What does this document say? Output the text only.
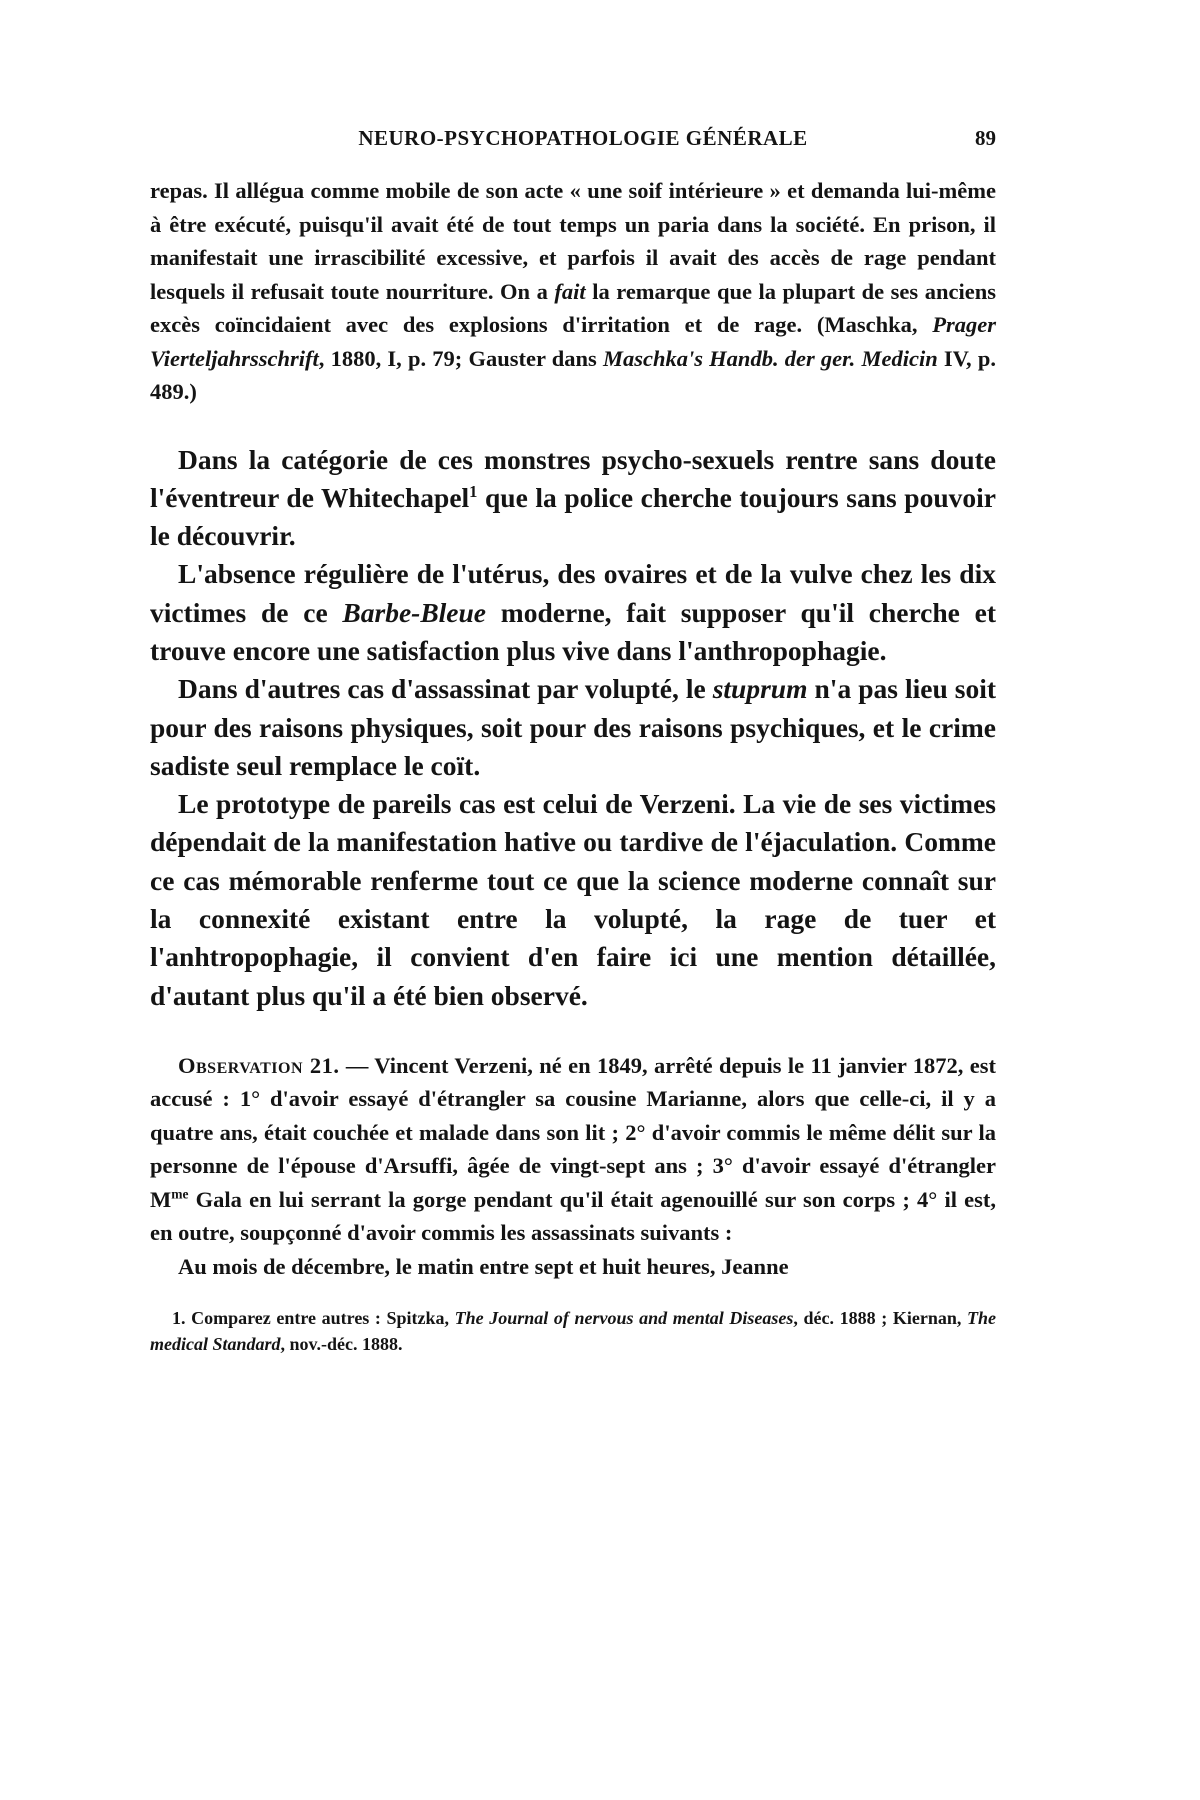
NEURO-PSYCHOPATHOLOGIE GÉNÉRALE	89

repas. Il allégua comme mobile de son acte « une soif intérieure » et demanda lui-même à être exécuté, puisqu'il avait été de tout temps un paria dans la société. En prison, il manifestait une irrascibilité excessive, et parfois il avait des accès de rage pendant lesquels il refusait toute nourriture. On a fait la remarque que la plupart de ses anciens excès coïncidaient avec des explosions d'irritation et de rage. (Maschka, Prager Vierteljahrsschrift, 1880, I, p. 79; Gauster dans Maschka's Handb. der ger. Medicin IV, p. 489.)

Dans la catégorie de ces monstres psycho-sexuels rentre sans doute l'éventreur de Whitechapel$^1$ que la police cherche toujours sans pouvoir le découvrir.

L'absence régulière de l'utérus, des ovaires et de la vulve chez les dix victimes de ce Barbe-Bleue moderne, fait supposer qu'il cherche et trouve encore une satisfaction plus vive dans l'anthropophagie.

Dans d'autres cas d'assassinat par volupté, le stuprum n'a pas lieu soit pour des raisons physiques, soit pour des raisons psychiques, et le crime sadiste seul remplace le coït.

Le prototype de pareils cas est celui de Verzeni. La vie de ses victimes dépendait de la manifestation hative ou tardive de l'éjaculation. Comme ce cas mémorable renferme tout ce que la science moderne connaît sur la connexité existant entre la volupté, la rage de tuer et l'anhtropophagie, il convient d'en faire ici une mention détaillée, d'autant plus qu'il a été bien observé.

Observation 21. — Vincent Verzeni, né en 1849, arrêté depuis le 11 janvier 1872, est accusé : 1° d'avoir essayé d'étrangler sa cousine Marianne, alors que celle-ci, il y a quatre ans, était couchée et malade dans son lit ; 2° d'avoir commis le même délit sur la personne de l'épouse d'Arsuffi, âgée de vingt-sept ans ; 3° d'avoir essayé d'étrangler $M^{me}$ Gala en lui serrant la gorge pendant qu'il était agenouillé sur son corps ; 4° il est, en outre, soupçonné d'avoir commis les assassinats suivants :

Au mois de décembre, le matin entre sept et huit heures, Jeanne

1. Comparez entre autres : Spitzka, The Journal of nervous and mental Diseases, déc. 1888 ; Kiernan, The medical Standard, nov.-déc. 1888.
